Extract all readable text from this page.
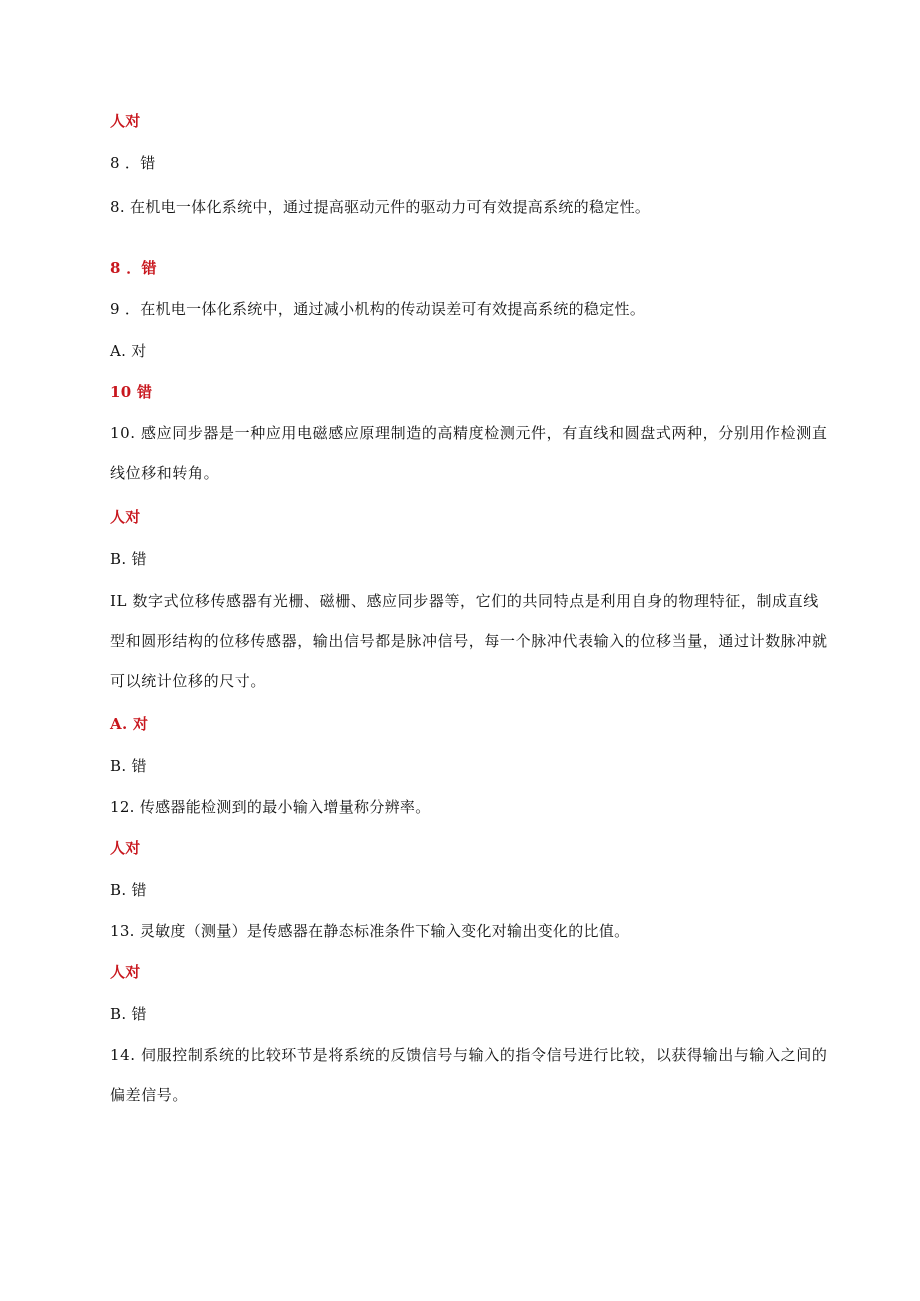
人对
8 ．错
8. 在机电一体化系统中，通过提高驱动元件的驱动力可有效提高系统的稳定性。
8 ．错
9 ．在机电一体化系统中，通过减小机构的传动误差可有效提高系统的稳定性。
A. 对
10 错
10. 感应同步器是一种应用电磁感应原理制造的高精度检测元件，有直线和圆盘式两种，分别用作检测直线位移和转角。
人对
B. 错
IL 数字式位移传感器有光栅、磁栅、感应同步器等，它们的共同特点是利用自身的物理特征，制成直线型和圆形结构的位移传感器，输出信号都是脉冲信号，每一个脉冲代表输入的位移当量，通过计数脉冲就可以统计位移的尺寸。
A. 对
B. 错
12. 传感器能检测到的最小输入增量称分辨率。
人对
B. 错
13. 灵敏度（测量）是传感器在静态标准条件下输入变化对输出变化的比值。
人对
B. 错
14. 伺服控制系统的比较环节是将系统的反馈信号与输入的指令信号进行比较，以获得输出与输入之间的偏差信号。
